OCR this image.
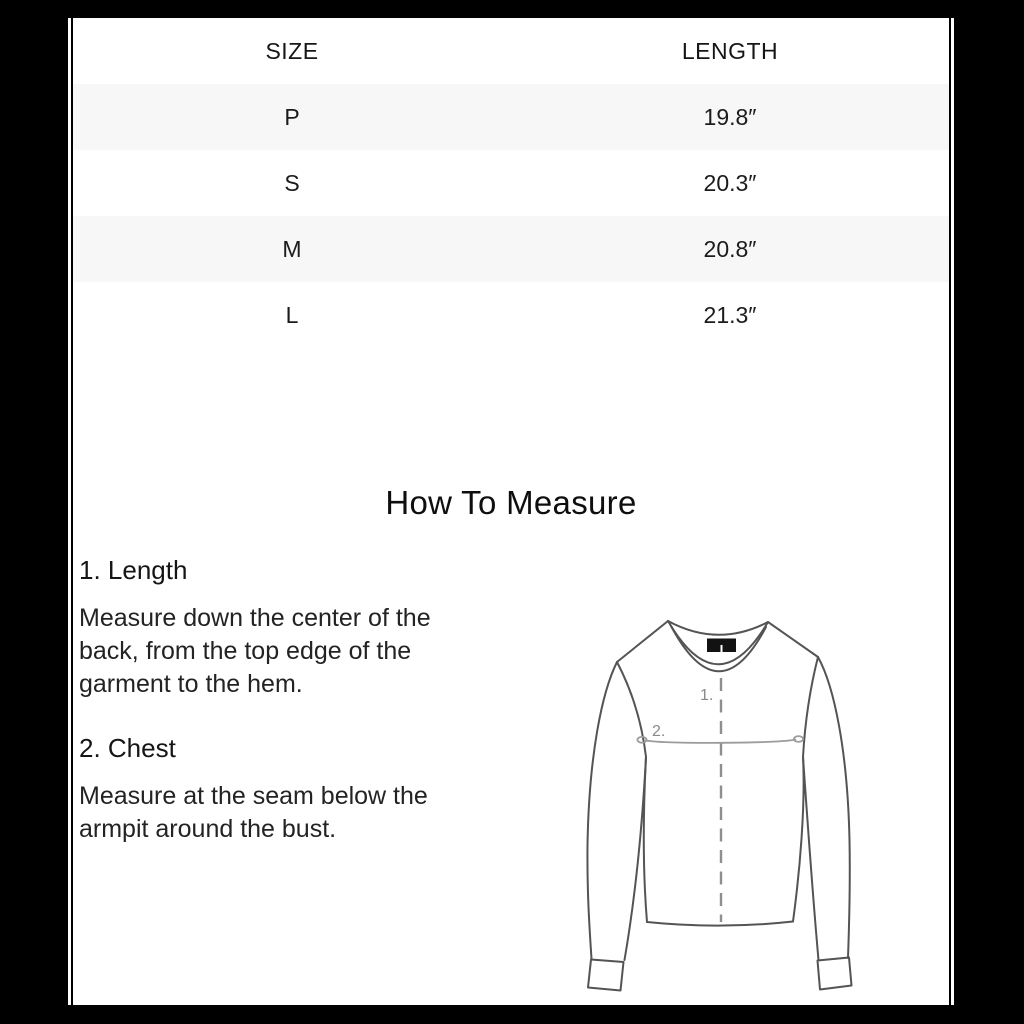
SIZE	LENGTH
P	19.8″
S	20.3″
M	20.8″
L	21.3″
How To Measure
1. Length
Measure down the center of the
back, from the top edge of the
garment to the hem.
2. Chest
Measure at the seam below the
armpit around the bust.
1.
2.
